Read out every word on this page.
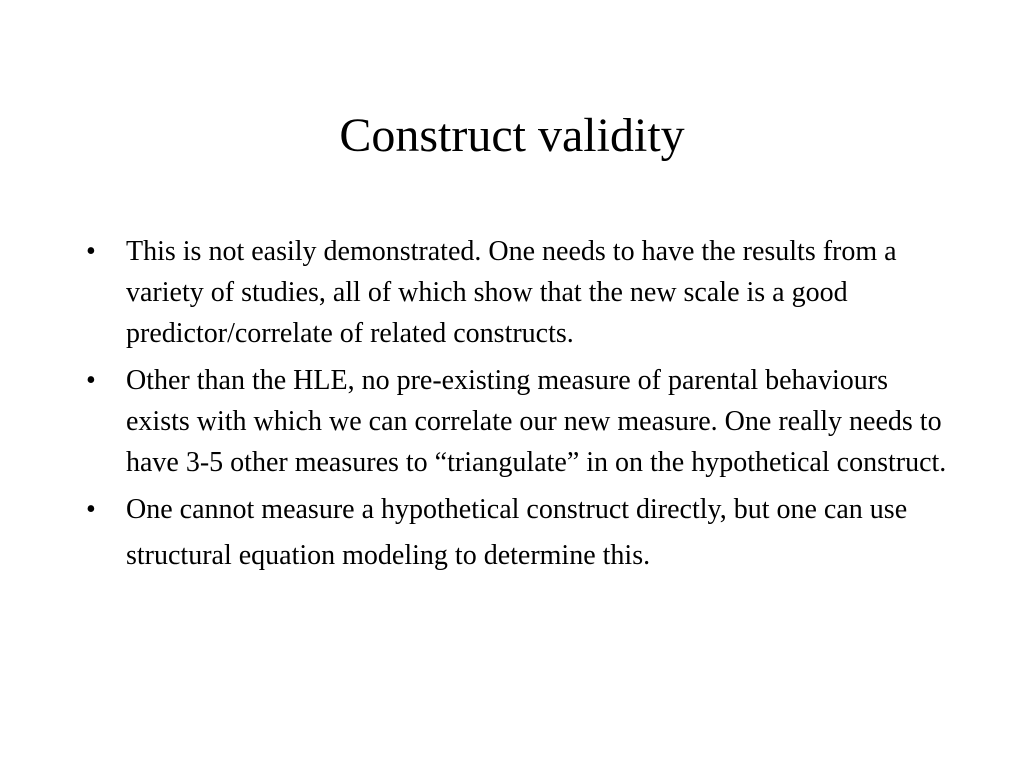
Construct validity
• This is not easily demonstrated. One needs to have the results from a variety of studies, all of which show that the new scale is a good predictor/correlate of related constructs.
• Other than the HLE, no pre-existing measure of parental behaviours exists with which we can correlate our new measure. One really needs to have 3-5 other measures to “triangulate” in on the hypothetical construct.
• One cannot measure a hypothetical construct directly, but one can use structural equation modeling to determine this.
